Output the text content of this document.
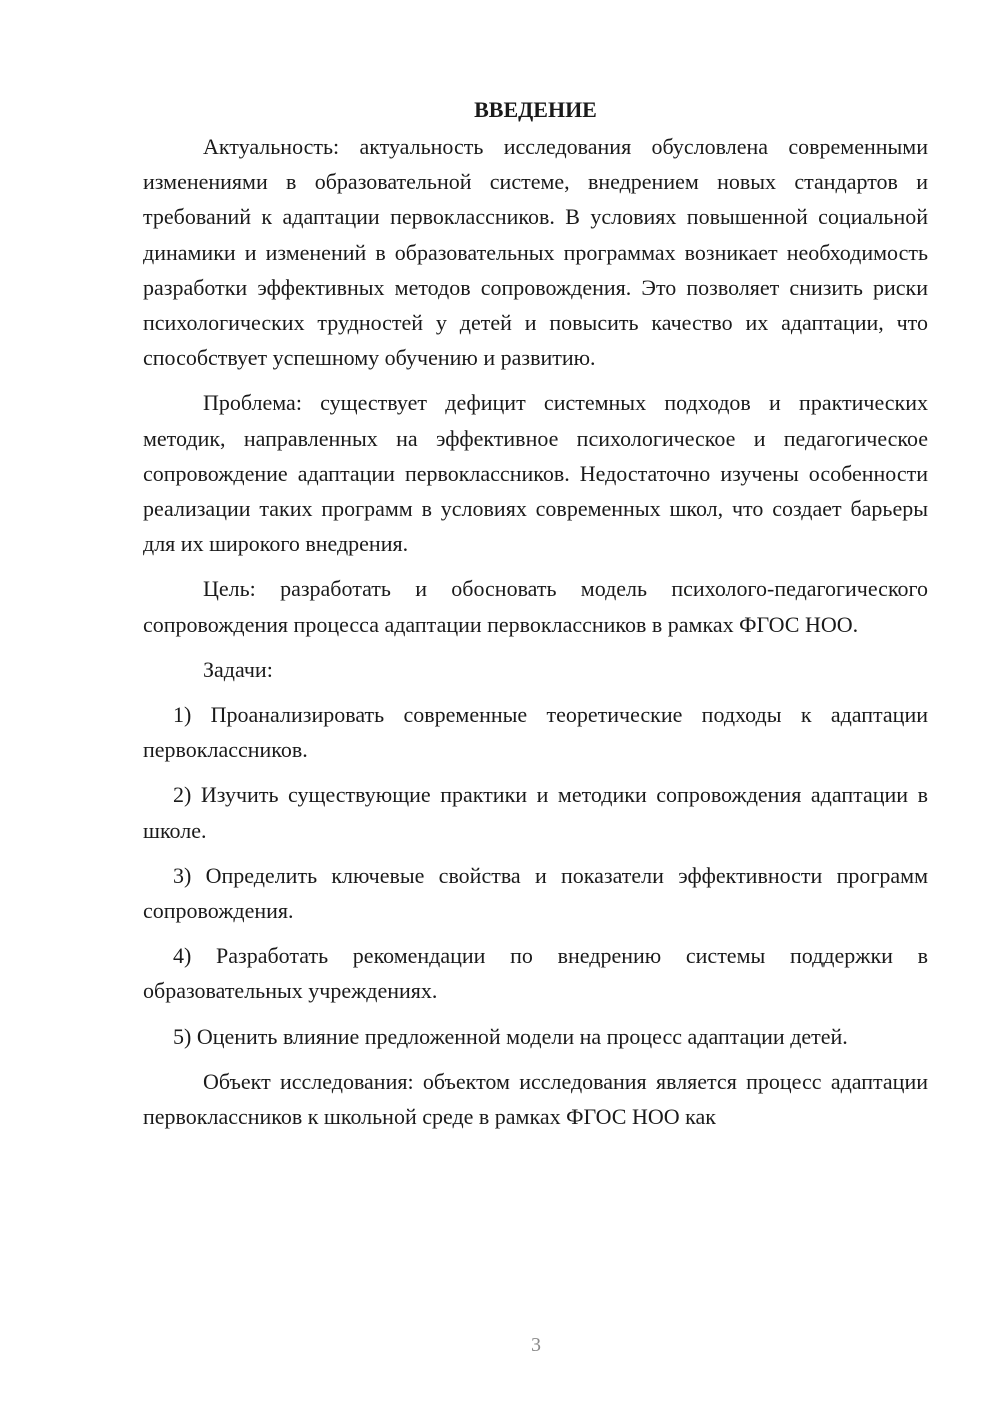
ВВЕДЕНИЕ

Актуальность: актуальность исследования обусловлена современными изменениями в образовательной системе, внедрением новых стандартов и требований к адаптации первоклассников. В условиях повышенной социальной динамики и изменений в образовательных программах возникает необходимость разработки эффективных методов сопровождения. Это позволяет снизить риски психологических трудностей у детей и повысить качество их адаптации, что способствует успешному обучению и развитию.

Проблема: существует дефицит системных подходов и практических методик, направленных на эффективное психологическое и педагогическое сопровождение адаптации первоклассников. Недостаточно изучены особенности реализации таких программ в условиях современных школ, что создает барьеры для их широкого внедрения.

Цель: разработать и обосновать модель психолого-педагогического сопровождения процесса адаптации первоклассников в рамках ФГОС НОО.

Задачи:

1) Проанализировать современные теоретические подходы к адаптации первоклассников.

2) Изучить существующие практики и методики сопровождения адаптации в школе.

3) Определить ключевые свойства и показатели эффективности программ сопровождения.

4) Разработать рекомендации по внедрению системы поддержки в образовательных учреждениях.

5) Оценить влияние предложенной модели на процесс адаптации детей.

Объект исследования: объектом исследования является процесс адаптации первоклассников к школьной среде в рамках ФГОС НОО как

3
